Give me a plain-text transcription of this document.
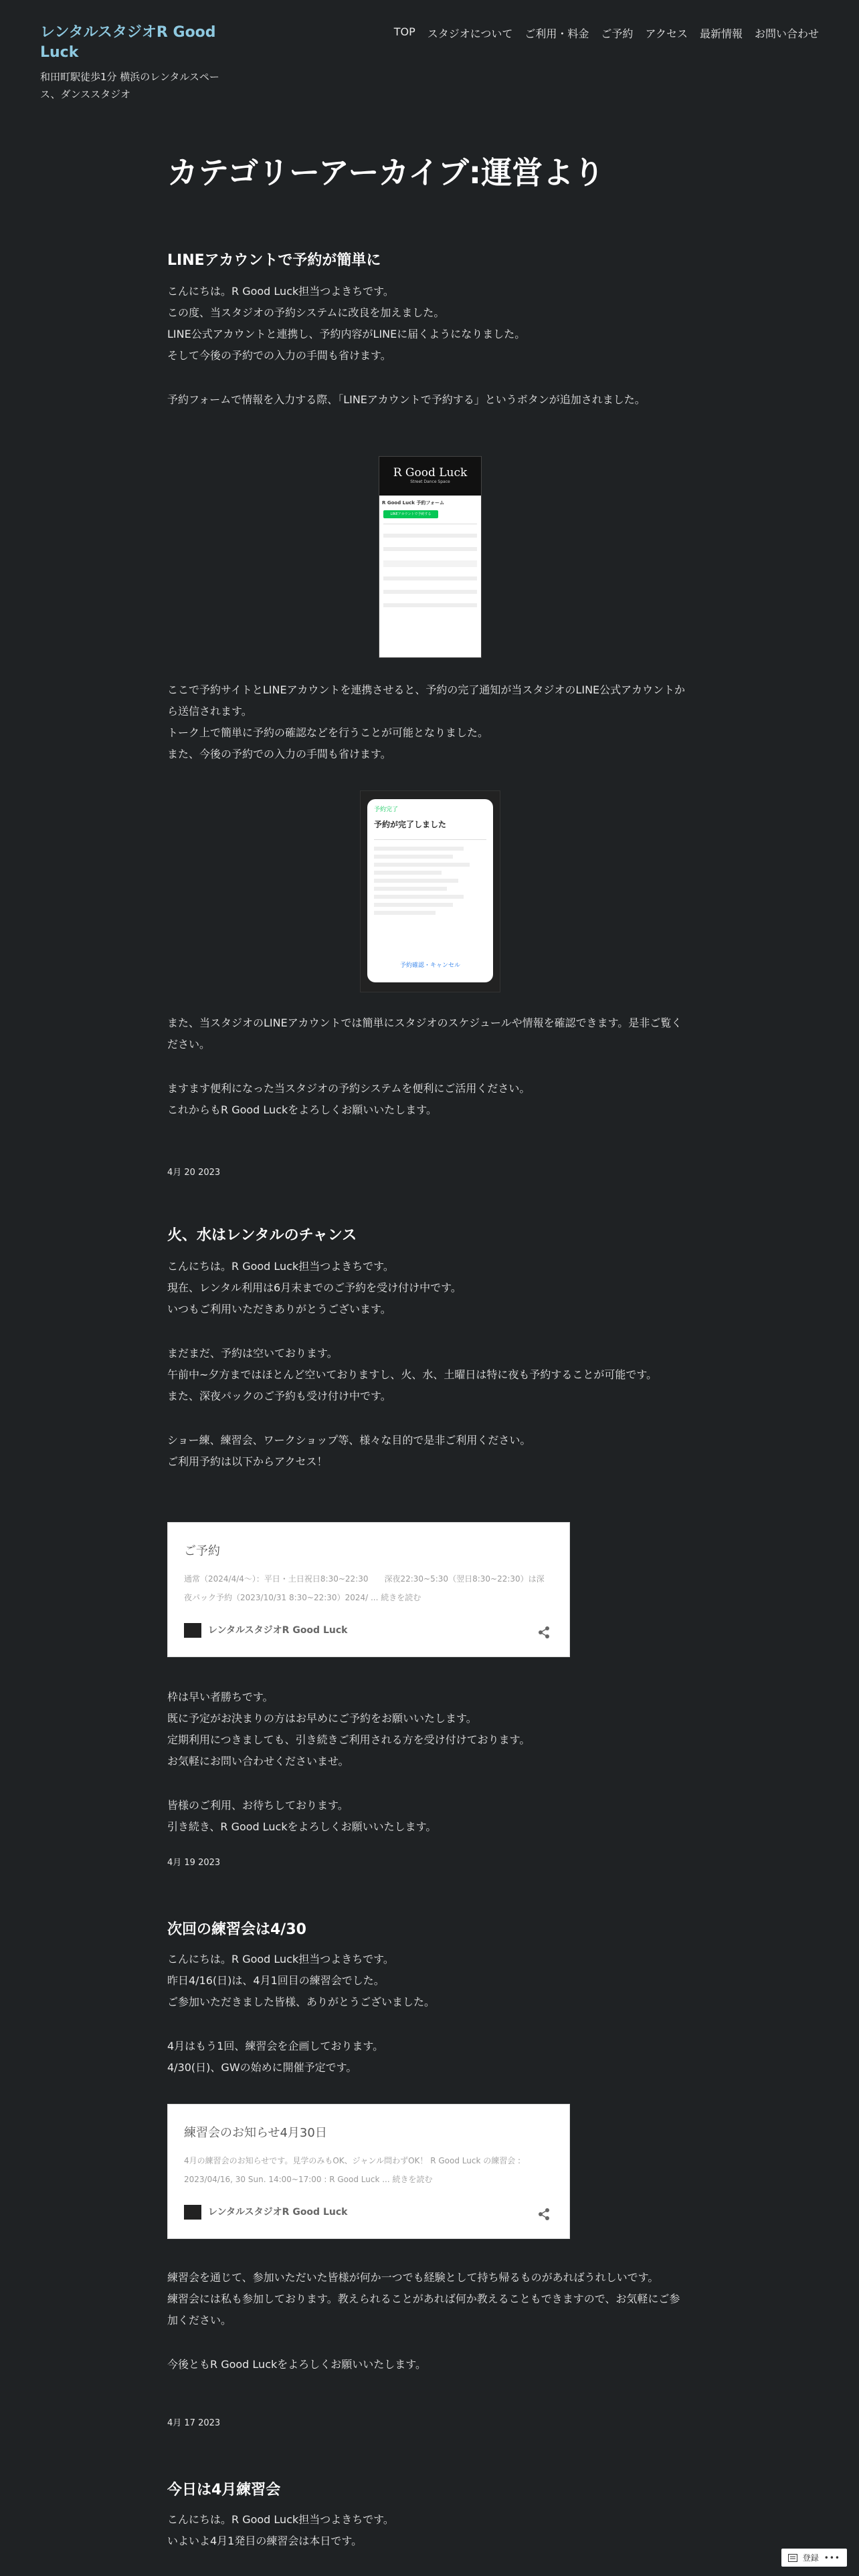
レンタルスタジオR Good Luck
和田町駅徒歩1分 横浜のレンタルスペース、ダンススタジオ
TOP スタジオについて ご利用・料金 ご予約 アクセス 最新情報 お問い合わせ
カテゴリーアーカイブ:運営より
LINEアカウントで予約が簡単に

こんにちは。R Good Luck担当つよきちです。

この度、当スタジオの予約システムに改良を加えました。

LINE公式アカウントと連携し、予約内容がLINEに届くようになりました。

そして今後の予約での入力の手間も省けます。

予約フォームで情報を入力する際、「LINEアカウントで予約する」というボタンが追加されました。

R Good Luck
Street Dance Space
R Good Luck 予約フォーム
LINEアカウントで予約する

ここで予約サイトとLINEアカウントを連携させると、予約の完了通知が当スタジオのLINE公式アカウントから送信されます。

トーク上で簡単に予約の確認などを行うことが可能となりました。

また、今後の予約での入力の手間も省けます。

予約完了
予約が完了しました
予約確認・キャンセル

また、当スタジオのLINEアカウントでは簡単にスタジオのスケジュールや情報を確認できます。是非ご覧ください。

ますます便利になった当スタジオの予約システムを便利にご活用ください。

これからもR Good Luckをよろしくお願いいたします。

4月 20 2023
火、水はレンタルのチャンス

こんにちは。R Good Luck担当つよきちです。

現在、レンタル利用は6月末までのご予約を受け付け中です。

いつもご利用いただきありがとうございます。

まだまだ、予約は空いております。

午前中~夕方まではほとんど空いておりますし、火、水、土曜日は特に夜も予約することが可能です。

また、深夜パックのご予約も受け付け中です。

ショー練、練習会、ワークショップ等、様々な目的で是非ご利用ください。

ご利用予約は以下からアクセス！

ご予約
通常（2024/4/4～）：平日・土日祝日8:30~22:30　　深夜22:30~5:30（翌日8:30~22:30）は深夜パック予約（2023/10/31 8:30~22:30）2024/ ... 続きを読む
レンタルスタジオR Good Luck

枠は早い者勝ちです。

既に予定がお決まりの方はお早めにご予約をお願いいたします。

定期利用につきましても、引き続きご利用される方を受け付けております。

お気軽にお問い合わせくださいませ。

皆様のご利用、お待ちしております。

引き続き、R Good Luckをよろしくお願いいたします。

4月 19 2023
次回の練習会は4/30

こんにちは。R Good Luck担当つよきちです。

昨日4/16(日)は、4月1回目の練習会でした。

ご参加いただきました皆様、ありがとうございました。

4月はもう1回、練習会を企画しております。

4/30(日)、GWの始めに開催予定です。

練習会のお知らせ4月30日
4月の練習会のお知らせです。見学のみもOK、ジャンル問わずOK！ R Good Luck の練習会 : 2023/04/16, 30 Sun. 14:00~17:00 : R Good Luck ... 続きを読む
レンタルスタジオR Good Luck

練習会を通じて、参加いただいた皆様が何か一つでも経験として持ち帰るものがあればうれしいです。

練習会には私も参加しております。教えられることがあれば何か教えることもできますので、お気軽にご参加ください。

今後ともR Good Luckをよろしくお願いいたします。

4月 17 2023
今日は4月練習会

こんにちは。R Good Luck担当つよきちです。

いよいよ4月1発目の練習会は本日です。

登録 •••
